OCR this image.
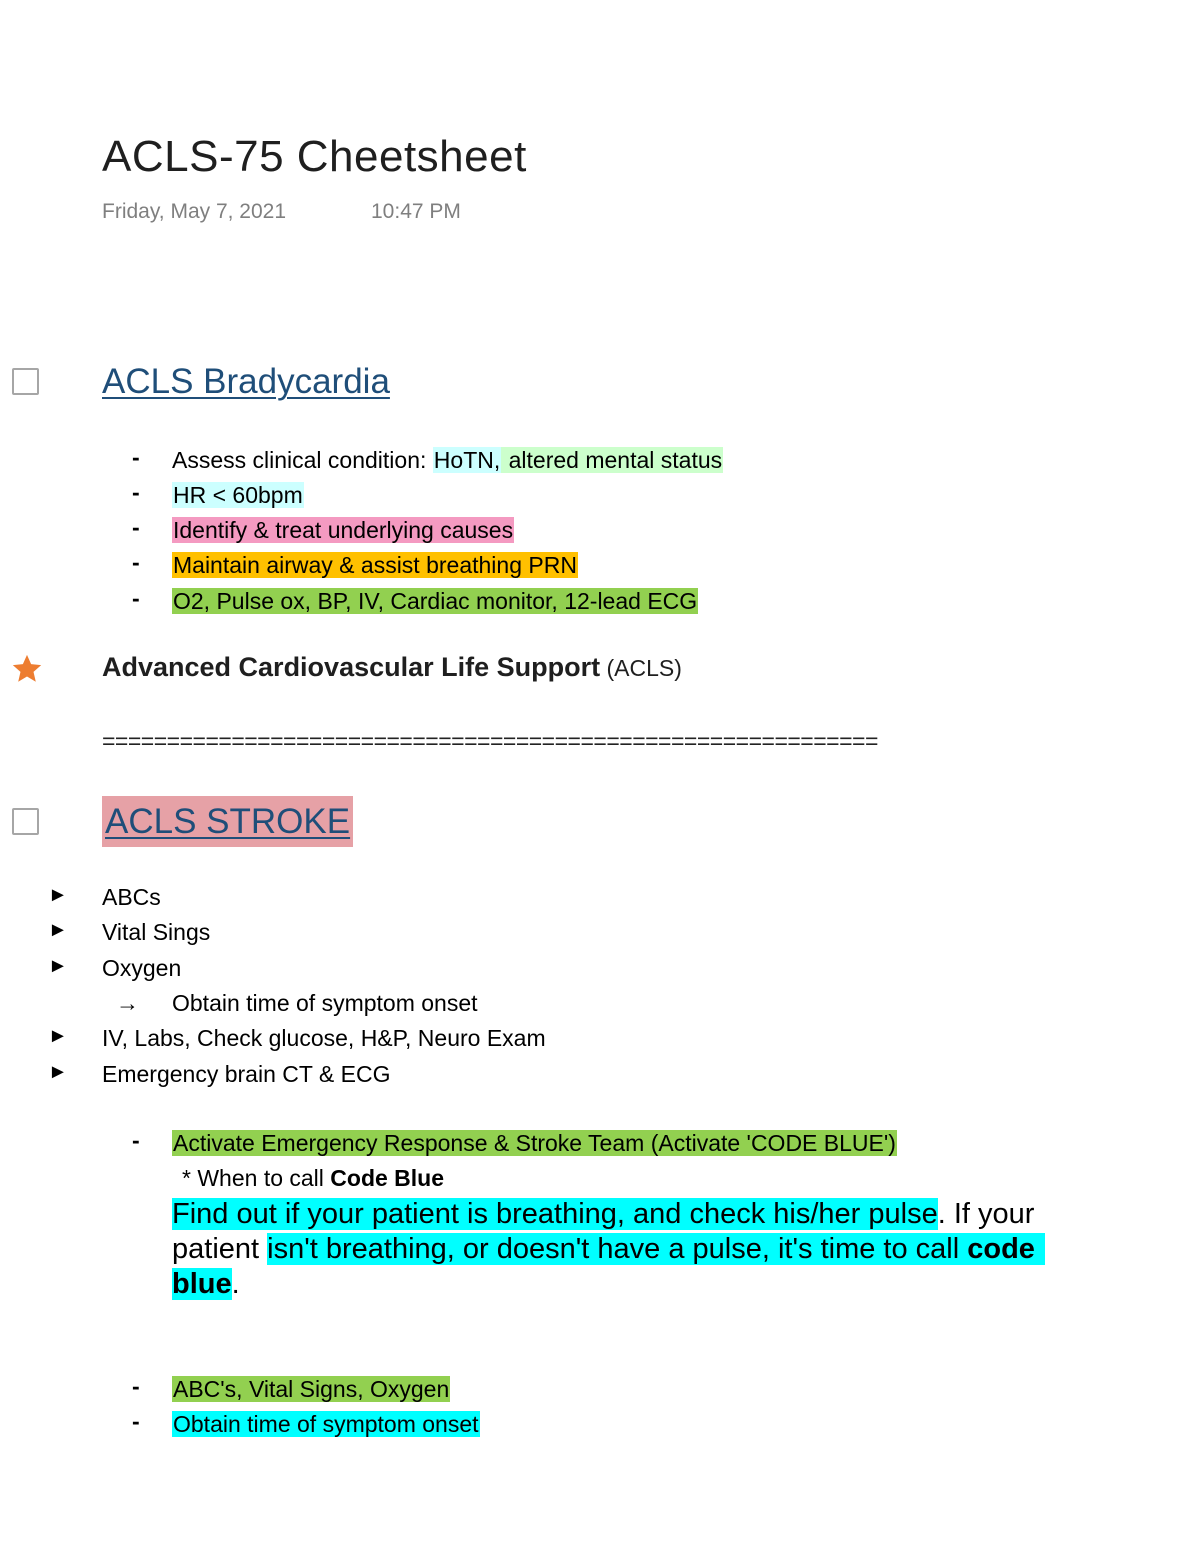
ACLS-75 Cheetsheet
Friday, May 7, 2021	10:47 PM
ACLS Bradycardia
- Assess clinical condition: HoTN, altered mental status
- HR < 60bpm
- Identify & treat underlying causes
- Maintain airway & assist breathing PRN
- O2, Pulse ox, BP, IV, Cardiac monitor, 12-lead ECG
Advanced Cardiovascular Life Support (ACLS)
============================================================
ACLS STROKE
► ABCs
► Vital Sings
► Oxygen
→ Obtain time of symptom onset
► IV, Labs, Check glucose, H&P, Neuro Exam
► Emergency brain CT & ECG
- Activate Emergency Response & Stroke Team (Activate 'CODE BLUE')
* When to call Code Blue
Find out if your patient is breathing, and check his/her pulse. If your
patient isn't breathing, or doesn't have a pulse, it's time to call code
blue.
- ABC's, Vital Signs, Oxygen
- Obtain time of symptom onset
